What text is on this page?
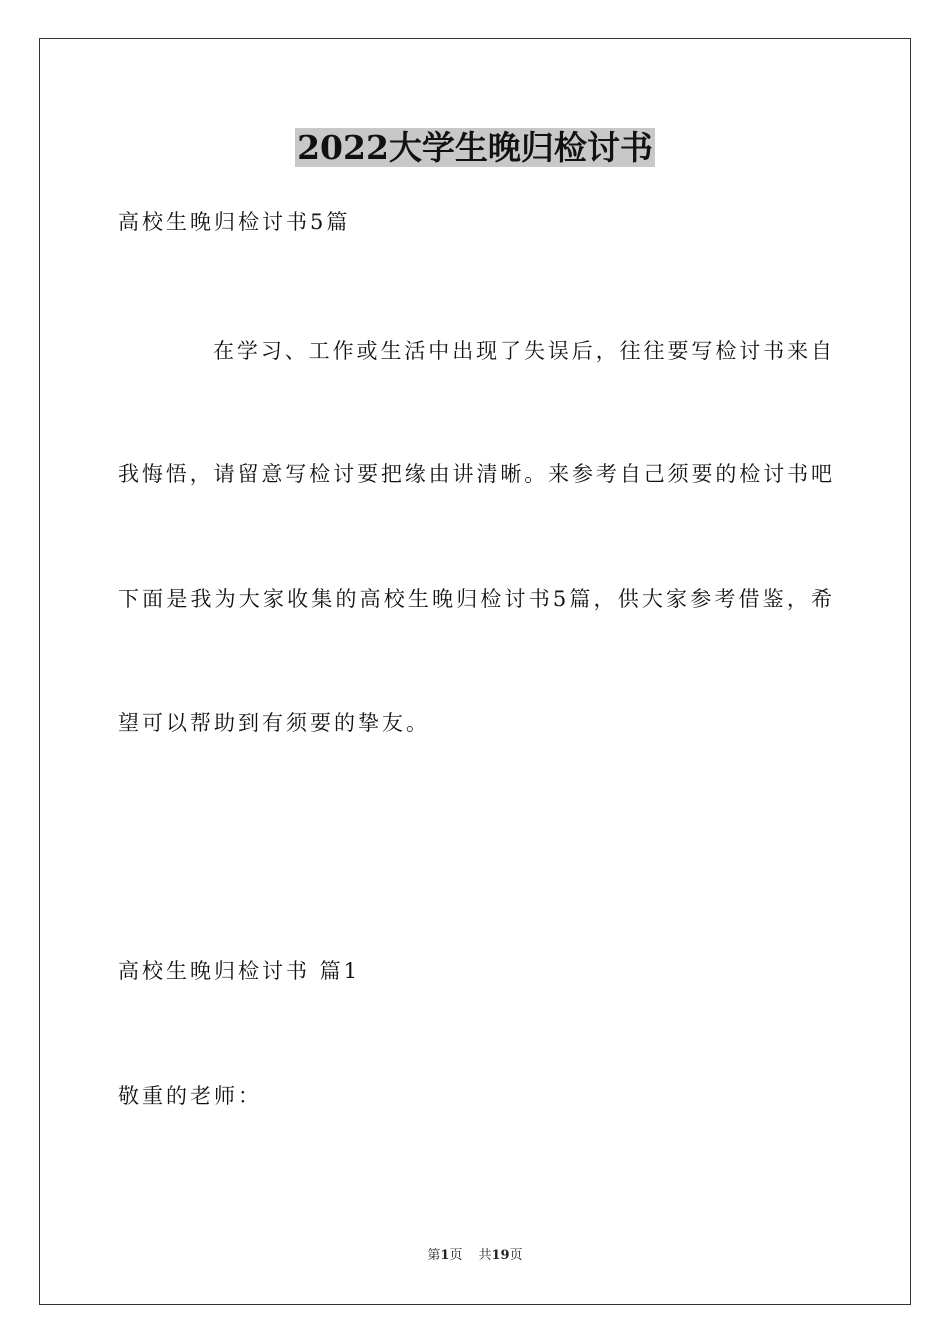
2022大学生晚归检讨书
高校生晚归检讨书5篇
在学习、工作或生活中出现了失误后，往往要写检讨书来自
我悔悟，请留意写检讨要把缘由讲清晰。来参考自己须要的检讨书吧
下面是我为大家收集的高校生晚归检讨书5篇，供大家参考借鉴，希
望可以帮助到有须要的挚友。
高校生晚归检讨书 篇1
敬重的老师：
第1页 共19页
